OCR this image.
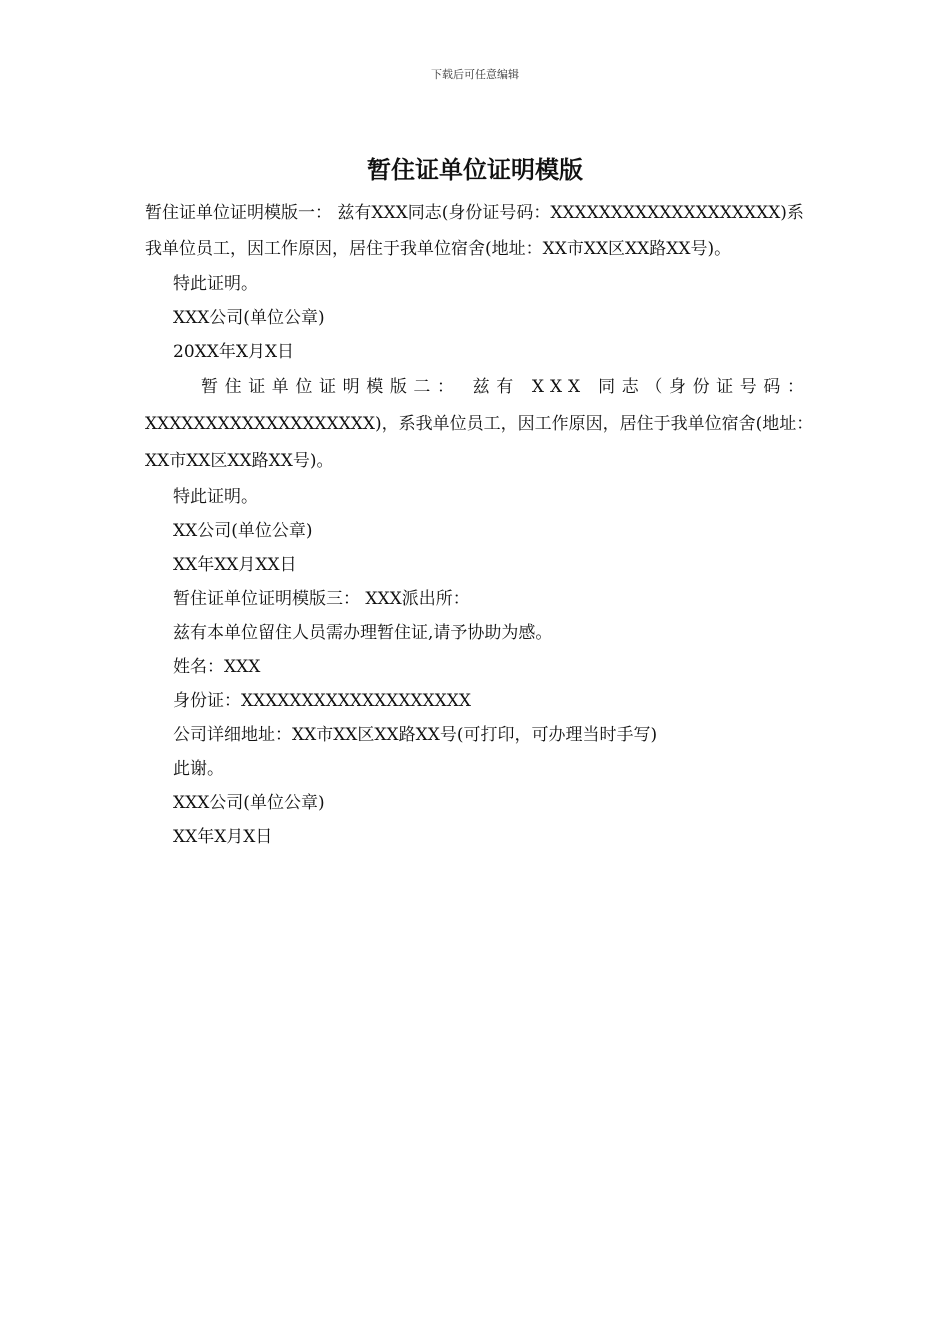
下载后可任意编辑
暂住证单位证明模版
暂住证单位证明模版一： 兹有XXX同志(身份证号码：XXXXXXXXXXXXXXXXXXX)系
我单位员工，因工作原因，居住于我单位宿舍(地址：XX市XX区XX路XX号)。
特此证明。
XXX公司(单位公章)
20XX年X月X日
暂住证单位证明模版二： 兹有 XXX 同志（身份证号码：
XXXXXXXXXXXXXXXXXXX)，系我单位员工，因工作原因，居住于我单位宿舍(地址：
XX市XX区XX路XX号)。
特此证明。
XX公司(单位公章)
XX年XX月XX日
暂住证单位证明模版三： XXX派出所：
兹有本单位留住人员需办理暂住证,请予协助为感。
姓名：XXX
身份证：XXXXXXXXXXXXXXXXXXX
公司详细地址：XX市XX区XX路XX号(可打印，可办理当时手写)
此谢。
XXX公司(单位公章)
XX年X月X日
